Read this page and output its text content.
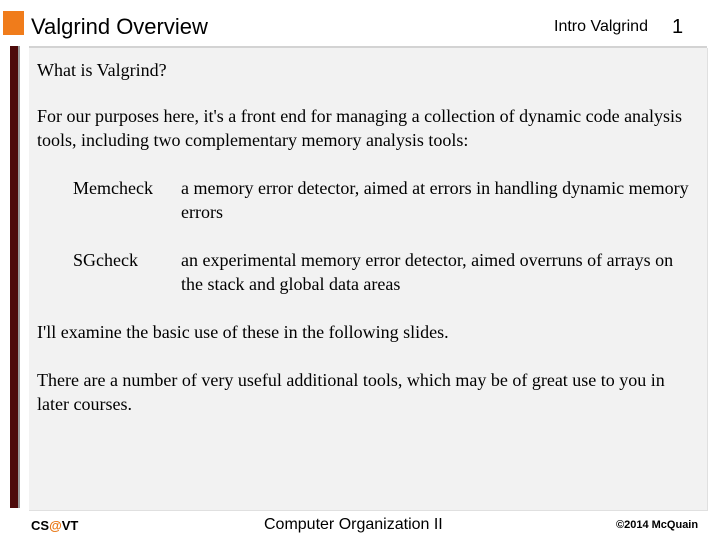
Valgrind Overview	Intro Valgrind 1

What is Valgrind?

For our purposes here, it's a front end for managing a collection of dynamic code analysis tools, including two complementary memory analysis tools:

Memcheck a memory error detector, aimed at errors in handling dynamic memory errors
SGcheck an experimental memory error detector, aimed overruns of arrays on the stack and global data areas

I'll examine the basic use of these in the following slides.

There are a number of very useful additional tools, which may be of great use to you in later courses.

CS@VT	Computer Organization II	©2014 McQuain
